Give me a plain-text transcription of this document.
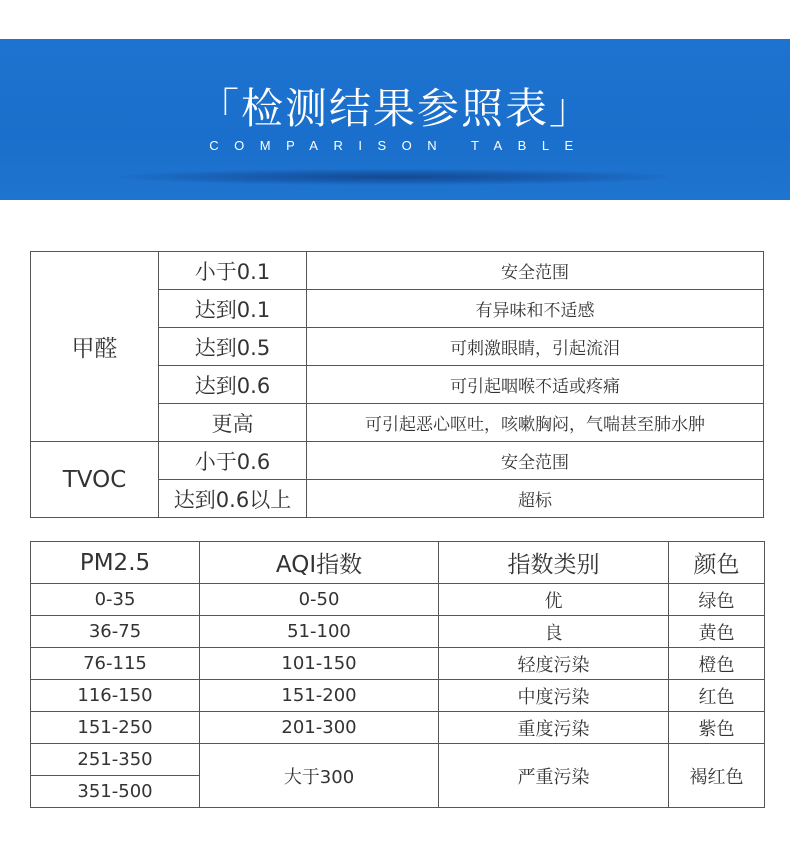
「检测结果参照表」
COMPARISON TABLE
甲醛	小于0.1	安全范围
	达到0.1	有异味和不适感
	达到0.5	可刺激眼睛，引起流泪
	达到0.6	可引起咽喉不适或疼痛
	更高	可引起恶心呕吐，咳嗽胸闷，气喘甚至肺水肿
TVOC	小于0.6	安全范围
	达到0.6以上	超标
PM2.5	AQI指数	指数类别	颜色
0-35	0-50	优	绿色
36-75	51-100	良	黄色
76-115	101-150	轻度污染	橙色
116-150	151-200	中度污染	红色
151-250	201-300	重度污染	紫色
251-350	大于300	严重污染	褐红色
351-500			
